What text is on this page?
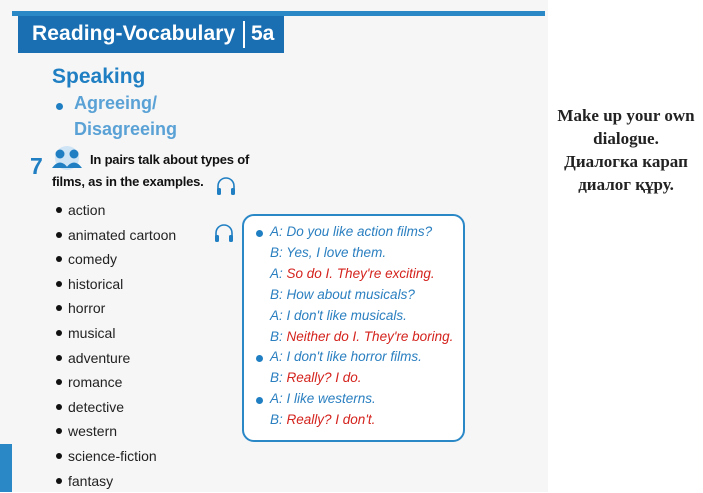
Reading-Vocabulary 5a
Speaking
Agreeing/
Disagreeing
7	In pairs talk about types of
films, as in the examples.
action
animated cartoon
comedy
historical
horror
musical
adventure
romance
detective
western
science-fiction
fantasy
A: Do you like action films?
B: Yes, I love them.
A: So do I. They're exciting.
B: How about musicals?
A: I don't like musicals.
B: Neither do I. They're boring.
A: I don't like horror films.
B: Really? I do.
A: I like westerns.
B: Really? I don't.
Make up your own
dialogue.
Диалогка карап
диалог құру.
